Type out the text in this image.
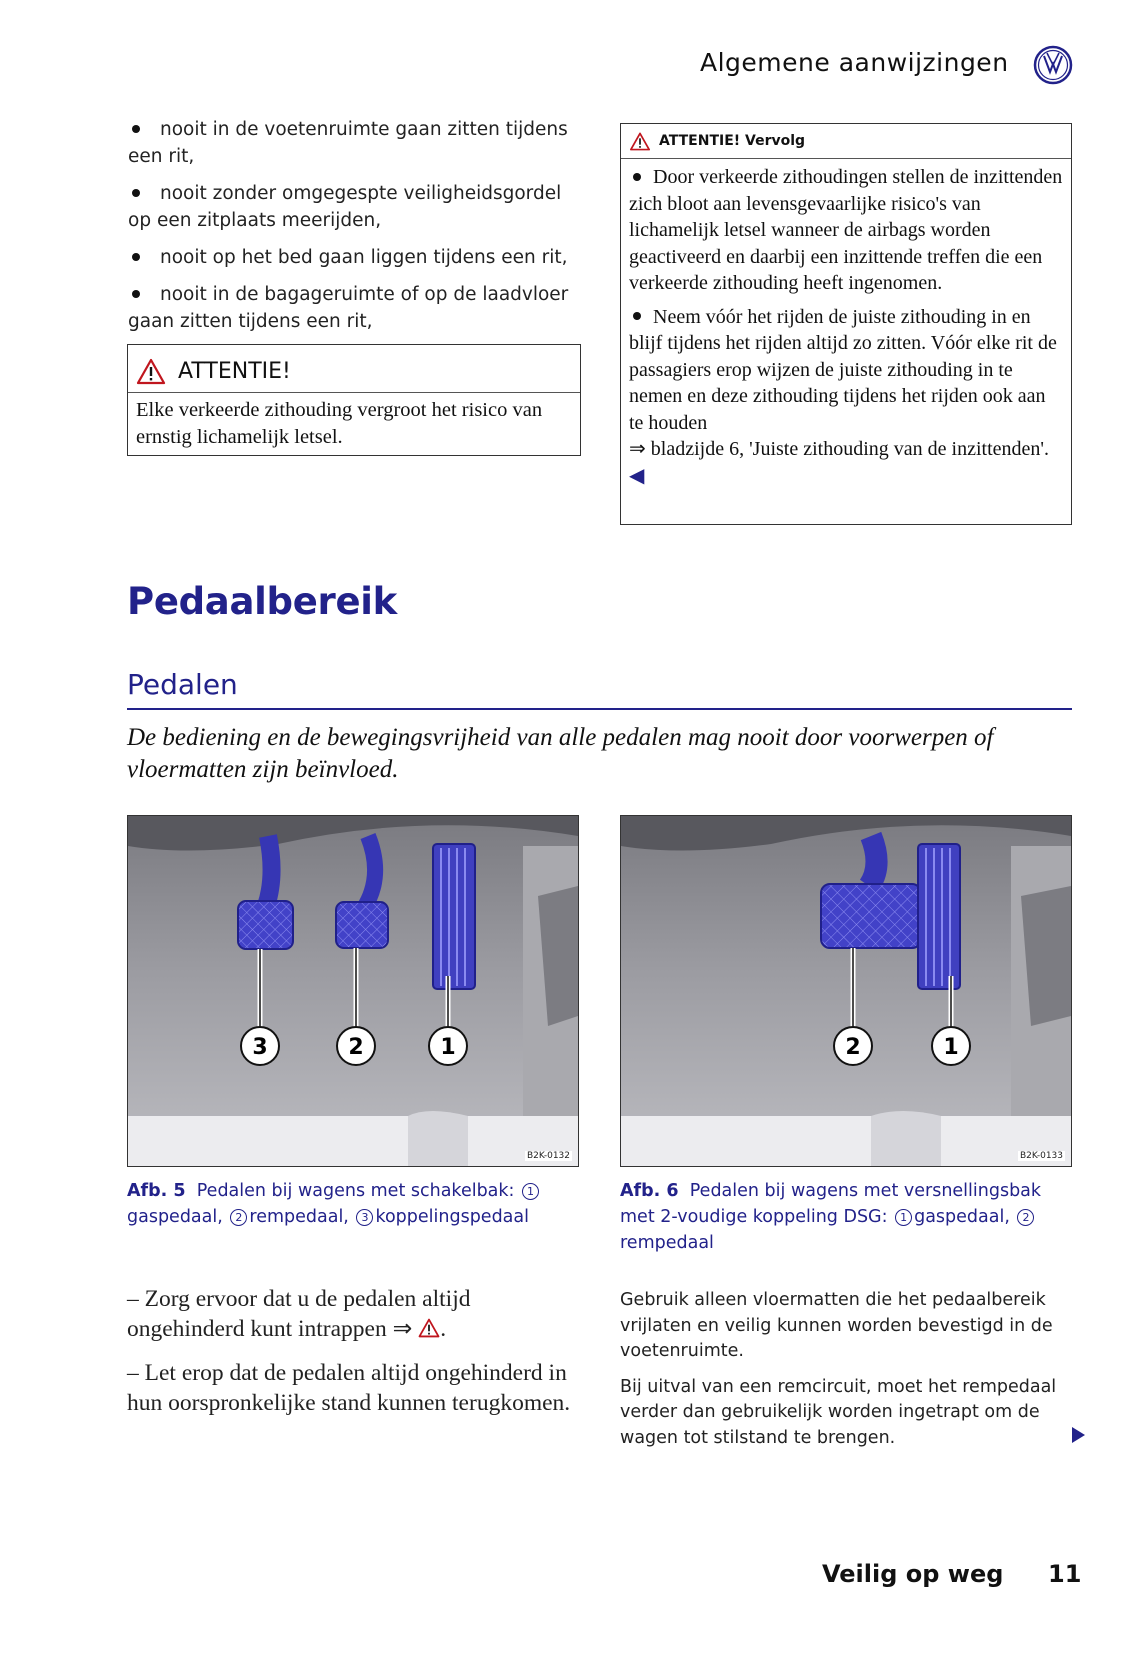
Algemene aanwijzingen
nooit in de voetenruimte gaan zitten tijdens
een rit,
nooit zonder omgegespte veiligheidsgordel
op een zitplaats meerijden,
nooit op het bed gaan liggen tijdens een rit,
nooit in de bagageruimte of op de laadvloer
gaan zitten tijdens een rit,
ATTENTIE!
Elke verkeerde zithouding vergroot het risico van ernstig lichamelijk letsel.
ATTENTIE! Vervolg

Door verkeerde zithoudingen stellen de inzittenden zich bloot aan levensgevaarlijke risico's van lichamelijk letsel wanneer de airbags worden geactiveerd en daarbij een inzittende treffen die een verkeerde zithouding heeft ingenomen.

Neem vóór het rijden de juiste zithouding in en blijf tijdens het rijden altijd zo zitten. Vóór elke rit de passagiers erop wijzen de juiste zithouding in te nemen en deze zithouding tijdens het rijden ook aan te houden
⇒ bladzijde 6, 'Juiste zithouding van de inzittenden'. ◀

Pedaalbereik
Pedalen
De bediening en de bewegingsvrijheid van alle pedalen mag nooit door voorwerpen of vloermatten zijn beïnvloed.
3	2	1
B2K-0132
2	1
B2K-0133
Afb. 5 Pedalen bij wagens met schakelbak: 1gaspedaal, 2 rempedaal, 3 koppelingspedaal
Afb. 6 Pedalen bij wagens met versnellingsbak met 2-voudige koppeling DSG: 1 gaspedaal, 2rempedaal

– Zorg ervoor dat u de pedalen altijd ongehinderd kunt intrappen ⇒ .

– Let erop dat de pedalen altijd ongehinderd in hun oorspronkelijke stand kunnen terugkomen.

Gebruik alleen vloermatten die het pedaalbereik vrijlaten en veilig kunnen worden bevestigd in de voetenruimte.

Bij uitval van een remcircuit, moet het rempedaal verder dan gebruikelijk worden ingetrapt om de wagen tot stilstand te brengen.

Veilig op weg 11
